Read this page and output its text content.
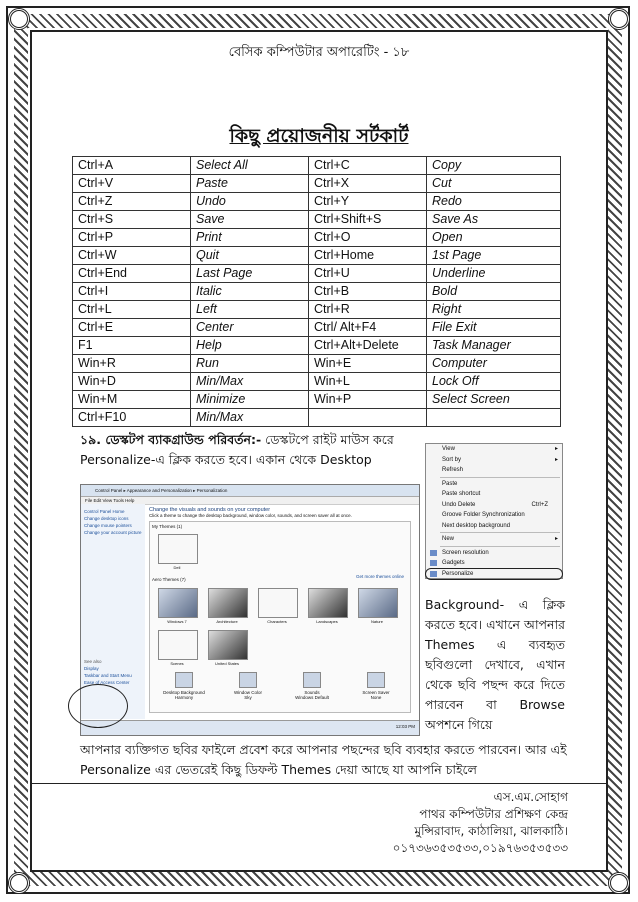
বেসিক কম্পিউটার অপারেটিং - ১৮
কিছু প্রয়োজনীয় সর্টকার্ট
Ctrl+A	Select All	Ctrl+C	Copy
Ctrl+V	Paste	Ctrl+X	Cut
Ctrl+Z	Undo	Ctrl+Y	Redo
Ctrl+S	Save	Ctrl+Shift+S	Save As
Ctrl+P	Print	Ctrl+O	Open
Ctrl+W	Quit	Ctrl+Home	1st Page
Ctrl+End	Last Page	Ctrl+U	Underline
Ctrl+I	Italic	Ctrl+B	Bold
Ctrl+L	Left	Ctrl+R	Right
Ctrl+E	Center	Ctrl/ Alt+F4	File Exit
F1	Help	Ctrl+Alt+Delete	Task Manager
Win+R	Run	Win+E	Computer
Win+D	Min/Max	Win+L	Lock Off
Win+M	Minimize	Win+P	Select Screen
Ctrl+F10	Min/Max		
১৯. ডেস্কটপ ব্যাকগ্রাউন্ড পরিবর্তন:- ডেস্কটপে রাইট মাউস করে Personalize-এ ক্লিক করতে হবে। একান থেকে Desktop
View	▸
Sort by	▸
Refresh
Paste
Paste shortcut
Undo Delete	Ctrl+Z
Groove Folder Synchronization
Next desktop background
New	▸
Screen resolution
Gadgets
Personalize
Control Panel ▸ Appearance and Personalization ▸ Personalization
File Edit View Tools Help
Control Panel Home
Change desktop icons
Change mouse pointers
Change your account picture
See also
Display
Taskbar and Start Menu
Ease of Access Center
Change the visuals and sounds on your computer
Click a theme to change the desktop background, window color, sounds, and screen saver all at once.
My Themes (1)
Dell
Aero Themes (7)
Get more themes online
Windows 7	Architecture	Characters	Landscapes	Nature
Scenes	United States
Desktop Background
Harmony
Window Color
Sky
Sounds
Windows Default
Screen Saver
None
12:03 PM
Background- এ ক্লিক করতে হবে। এখানে আপনার Themes এ ব্যবহৃত ছবিগুলো দেখাবে, এখান থেকে ছবি পছন্দ করে দিতে পারবেন বা Browse অপশনে গিয়ে
আপনার ব্যক্তিগত ছবির ফাইলে প্রবেশ করে আপনার পছন্দের ছবি ব্যবহার করতে পারবেন। আর এই Personalize এর ভেতরেই কিছু ডিফল্ট Themes দেয়া আছে যা আপনি চাইলে
এস.এম.সোহাগ
পাথর কম্পিউটার প্রশিক্ষণ কেন্দ্র
মুন্সিরাবাদ, কাঠালিয়া, ঝালকাঠি।
০১৭৩৬৩৫৩৫৩৩,০১৯৭৬৩৫৩৫৩৩
